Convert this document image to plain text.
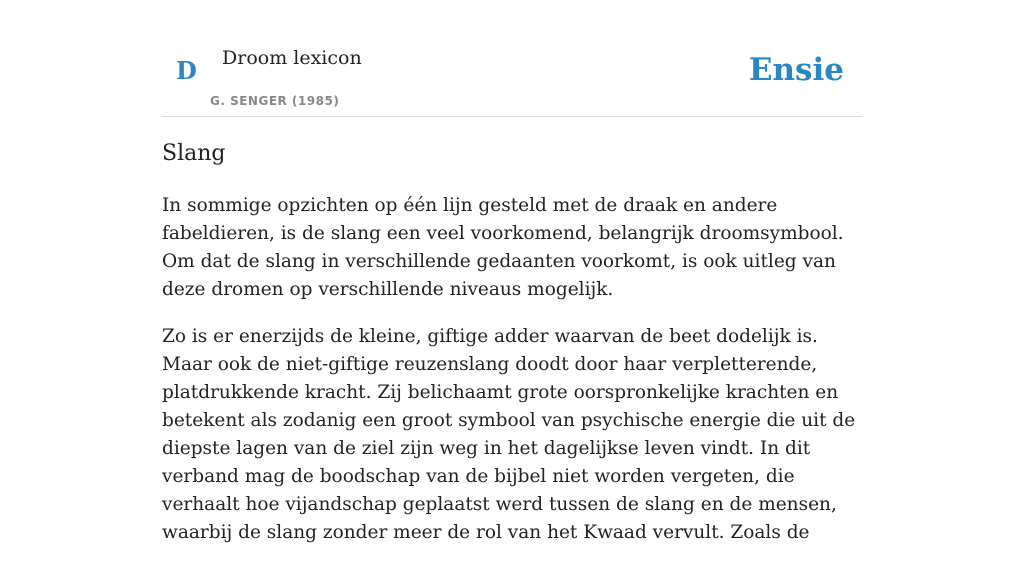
D Droom lexicon
G. SENGER (1985)
Ensie
Slang

In sommige opzichten op één lijn gesteld met de draak en andere fabeldieren, is de slang een veel voorkomend, belangrijk droomsymbool. Om dat de slang in verschillende gedaanten voorkomt, is ook uitleg van deze dromen op verschillende niveaus mogelijk.

Zo is er enerzijds de kleine, giftige adder waarvan de beet dodelijk is. Maar ook de niet-giftige reuzenslang doodt door haar verpletterende, platdrukkende kracht. Zij belichaamt grote oorspronkelijke krachten en betekent als zodanig een groot symbool van psychische energie die uit de diepste lagen van de ziel zijn weg in het dagelijkse leven vindt. In dit verband mag de boodschap van de bijbel niet worden vergeten, die verhaalt hoe vijandschap geplaatst werd tussen de slang en de mensen, waarbij de slang zonder meer de rol van het Kwaad vervult. Zoals de
